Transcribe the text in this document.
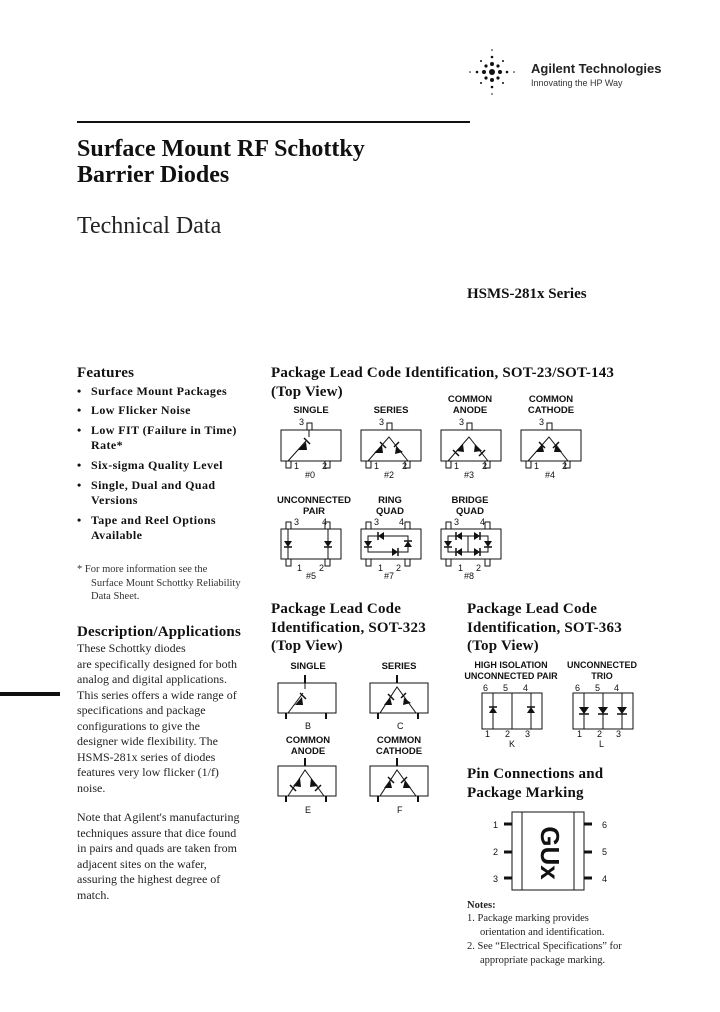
Agilent Technologies
Innovating the HP Way
Surface Mount RF Schottky
Barrier Diodes
Technical Data
HSMS-281x Series
Features
• Surface Mount Packages
• Low Flicker Noise
• Low FIT (Failure in Time)
Rate*
• Six-sigma Quality Level
• Single, Dual and Quad
Versions
• Tape and Reel Options
Available
* For more information see the
Surface Mount Schottky Reliability
Data Sheet.
Description/Applications
These Schottky diodes
are specifically designed for both
analog and digital applications.
This series offers a wide range of
specifications and package
configurations to give the
designer wide flexibility. The
HSMS-281x series of diodes
features very low flicker (1/f)
noise.
Note that Agilent's manufacturing
techniques assure that dice found
in pairs and quads are taken from
adjacent sites on the wafer,
assuring the highest degree of
match.
Package Lead Code Identification, SOT-23/SOT-143
(Top View)
SINGLE	SERIES
COMMON
ANODE
COMMON
CATHODE
3
1	2
#0
3
1	2
#2
3
1	2
#3
3
1	2
#4
UNCONNECTED
PAIR
RING
QUAD
BRIDGE
QUAD
3	4
1 2
#5
3 4
1 2
#7
3 4
1 2
#8
Package Lead Code
Identification, SOT-323
(Top View)
SINGLE	SERIES
COMMON
ANODE
COMMON
CATHODE
B	C
E	F
Package Lead Code
Identification, SOT-363
(Top View)
HIGH ISOLATION
UNCONNECTED PAIR
UNCONNECTED
TRIO
6 5 4
1 2 3
K
6 5 4
1 2 3
L
Pin Connections and
Package Marking
GUx
1
2
3
6
5
4
Notes:
1. Package marking provides
orientation and identification.
2. See “Electrical Specifications” for
appropriate package marking.
